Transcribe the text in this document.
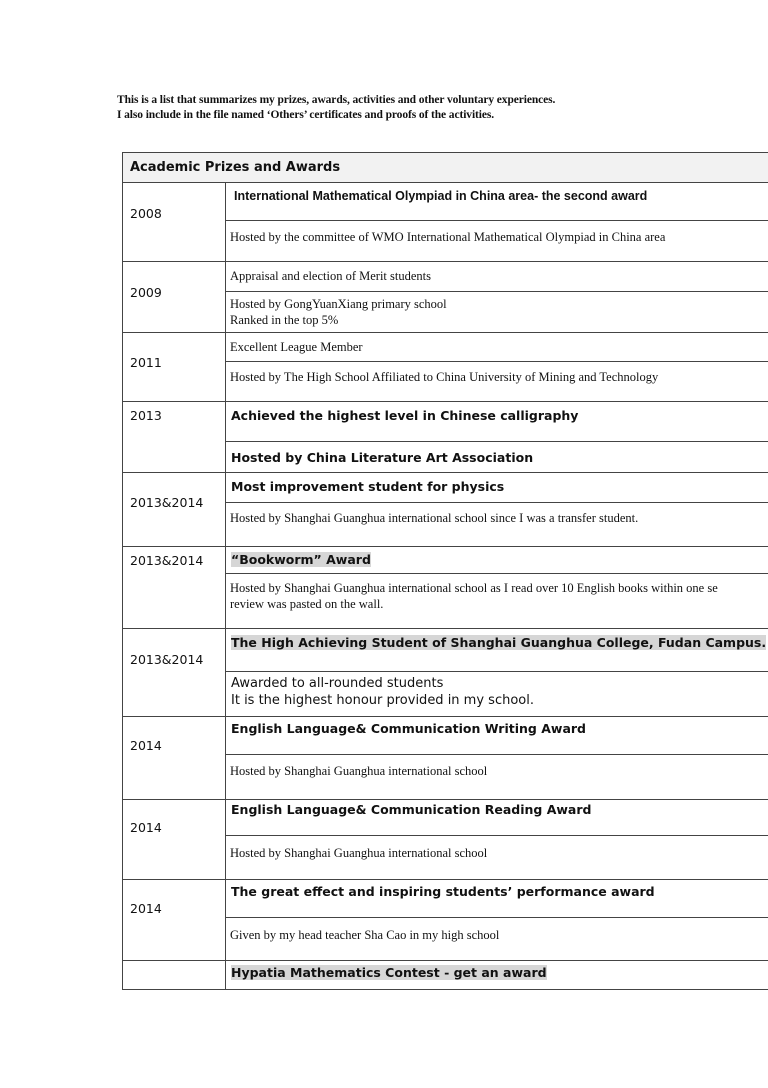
This is a list that summarizes my prizes, awards, activities and other voluntary experiences.
I also include in the file named ‘Others’ certificates and proofs of the activities.
Academic Prizes and Awards
2008
International Mathematical Olympiad in China area- the second award
Hosted by the committee of WMO International Mathematical Olympiad in China area
2009
Appraisal and election of Merit students
Hosted by GongYuanXiang primary school
Ranked in the top 5%
2011
Excellent League Member
Hosted by The High School Affiliated to China University of Mining and Technology
2013	Achieved the highest level in Chinese calligraphy
Hosted by China Literature Art Association
2013&2014
Most improvement student for physics
Hosted by Shanghai Guanghua international school since I was a transfer student.
2013&2014 “Bookworm” Award
Hosted by Shanghai Guanghua international school as I read over 10 English books within one se
review was pasted on the wall.
2013&2014
The High Achieving Student of Shanghai Guanghua College, Fudan Campus.
Awarded to all-rounded students
It is the highest honour provided in my school.
2014
English Language& Communication Writing Award
Hosted by Shanghai Guanghua international school
2014
English Language& Communication Reading Award
Hosted by Shanghai Guanghua international school
2014
The great effect and inspiring students’ performance award
Given by my head teacher Sha Cao in my high school
Hypatia Mathematics Contest - get an award
